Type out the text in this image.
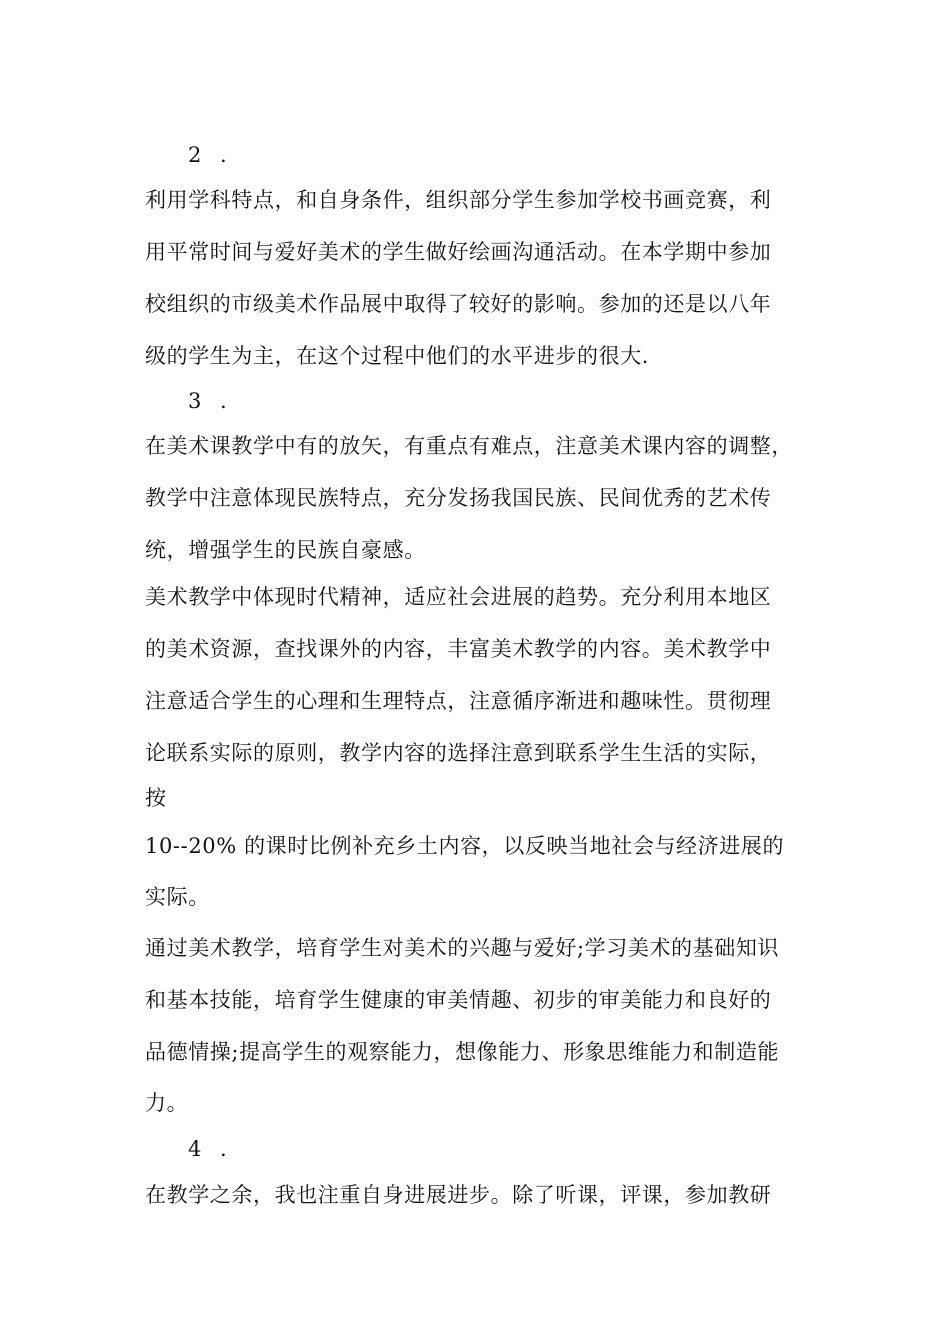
2 .
利用学科特点，和自身条件，组织部分学生参加学校书画竞赛，利
用平常时间与爱好美术的学生做好绘画沟通活动。在本学期中参加
校组织的市级美术作品展中取得了较好的影响。参加的还是以八年
级的学生为主，在这个过程中他们的水平进步的很大.
3 .
在美术课教学中有的放矢，有重点有难点，注意美术课内容的调整，
教学中注意体现民族特点，充分发扬我国民族、民间优秀的艺术传
统，增强学生的民族自豪感。
美术教学中体现时代精神，适应社会进展的趋势。充分利用本地区
的美术资源，查找课外的内容，丰富美术教学的内容。美术教学中
注意适合学生的心理和生理特点，注意循序渐进和趣味性。贯彻理
论联系实际的原则，教学内容的选择注意到联系学生生活的实际，
按
10--20% 的课时比例补充乡土内容，以反映当地社会与经济进展的
实际。
通过美术教学，培育学生对美术的兴趣与爱好;学习美术的基础知识
和基本技能，培育学生健康的审美情趣、初步的审美能力和良好的
品德情操;提高学生的观察能力，想像能力、形象思维能力和制造能
力。
4 .
在教学之余，我也注重自身进展进步。除了听课，评课，参加教研
